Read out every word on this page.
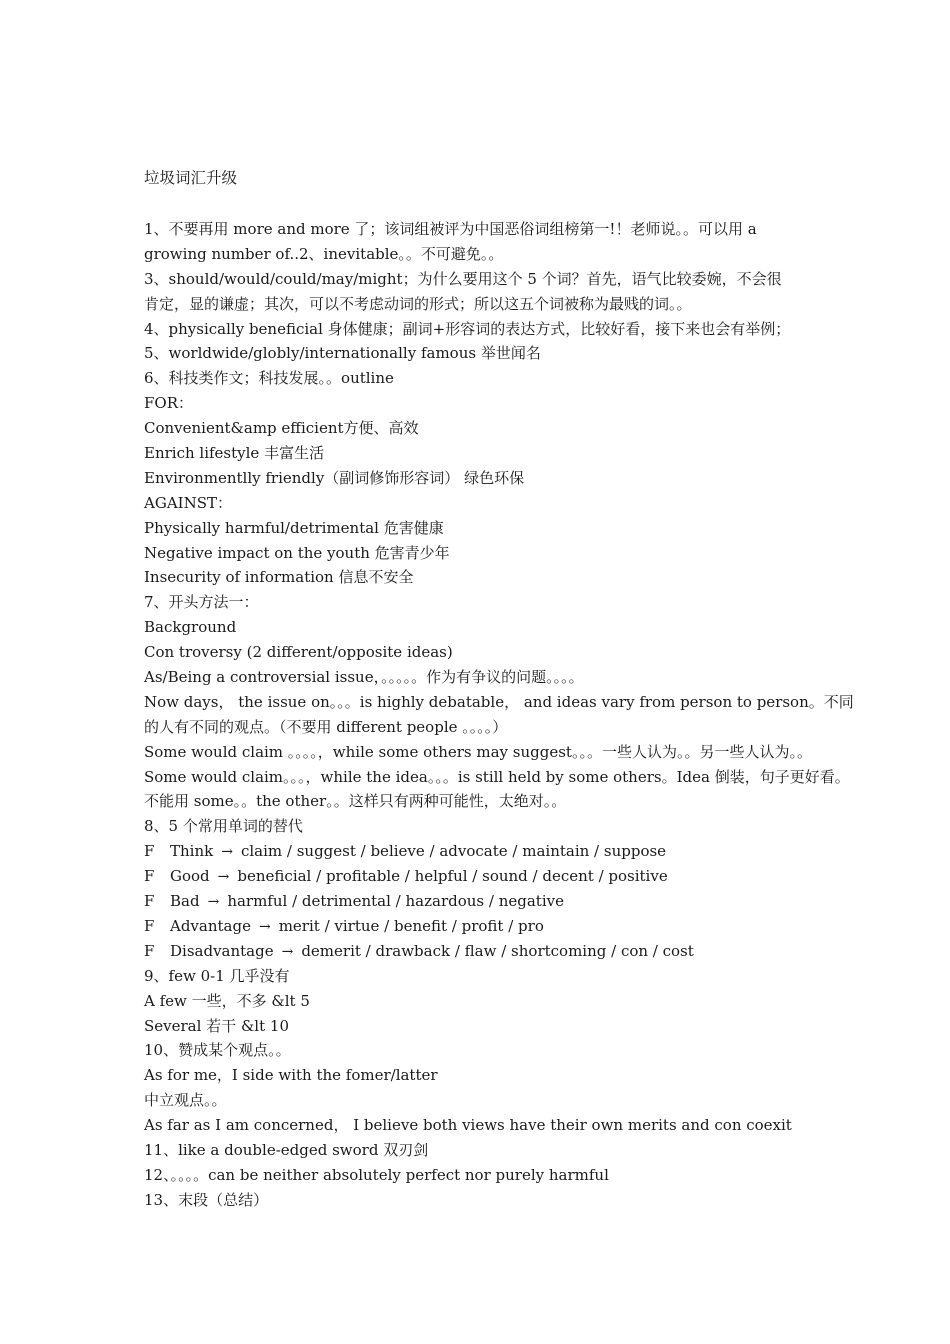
垃圾词汇升级
1、不要再用 more and more 了；该词组被评为中国恶俗词组榜第一!！老师说。。可以用 a
growing number of..2、inevitable。。不可避免。。
3、should/would/could/may/might；为什么要用这个 5 个词？首先，语气比较委婉，不会很
肯定，显的谦虚；其次，可以不考虑动词的形式；所以这五个词被称为最贱的词。。
4、physically beneficial 身体健康；副词+形容词的表达方式，比较好看，接下来也会有举例；
5、worldwide/globly/internationally famous 举世闻名
6、科技类作文；科技发展。。outline
FOR：
Convenient&amp efficient方便、高效
Enrich lifestyle 丰富生活
Environmentlly friendly（副词修饰形容词） 绿色环保
AGAINST：
Physically harmful/detrimental 危害健康
Negative impact on the youth 危害青少年
Insecurity of information 信息不安全
7、开头方法一：
Background
Con troversy (2 different/opposite ideas)
As/Being a controversial issue，。。。。。作为有争议的问题。。。。
Now days， the issue on。。。is highly debatable， and ideas vary from person to person。不同
的人有不同的观点。（不要用 different people 。。。。）
Some would claim 。。。。，while some others may suggest。。。一些人认为。。另一些人认为。。
Some would claim。。。，while the idea。。。is still held by some others。Idea 倒装，句子更好看。
不能用 some。。the other。。这样只有两种可能性，太绝对。。
8、5 个常用单词的替代
F	Think → claim / suggest / believe / advocate / maintain / suppose
F	Good → beneficial / profitable / helpful / sound / decent / positive
F	Bad → harmful / detrimental / hazardous / negative
F	Advantage → merit / virtue / benefit / profit / pro
F	Disadvantage → demerit / drawback / flaw / shortcoming / con / cost
9、few 0-1 几乎没有
A few 一些，不多 &lt 5
Several 若干 &lt 10
10、赞成某个观点。。
As for me，I side with the fomer/latter
中立观点。。
As far as I am concerned， I believe both views have their own merits and con coexit
11、like a double-edged sword 双刃剑
12、。。。。can be neither absolutely perfect nor purely harmful
13、末段（总结）
